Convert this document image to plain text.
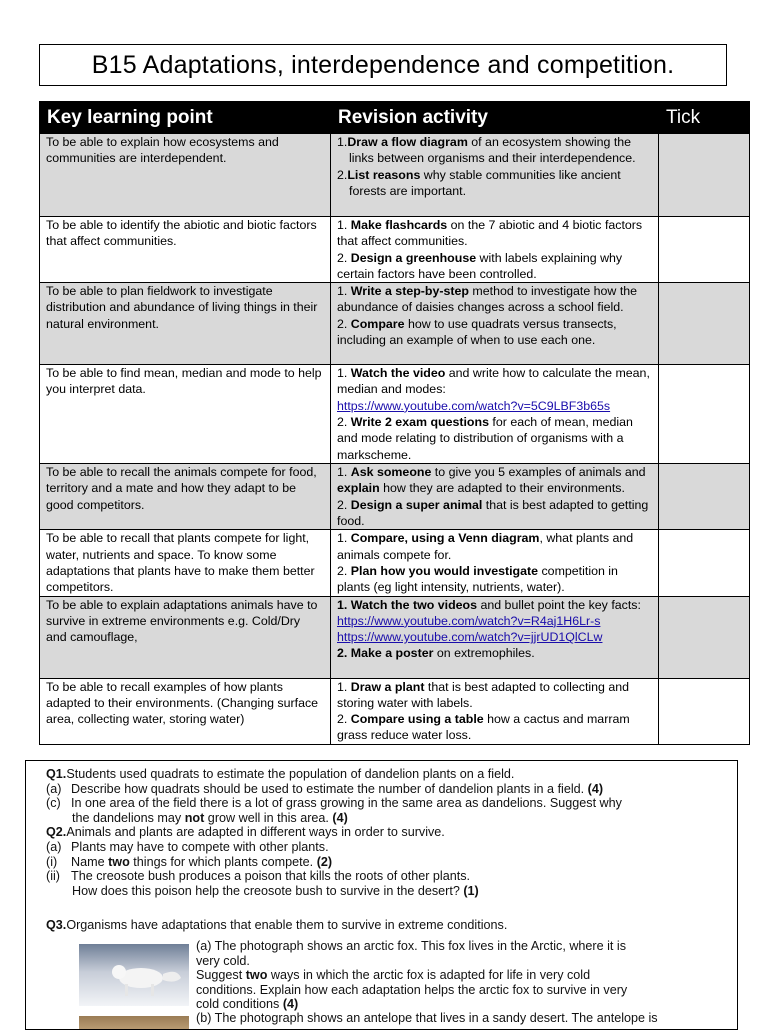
B15 Adaptations, interdependence and competition.
Key learning point	Revision activity	Tick
To be able to explain how ecosystems and communities are interdependent.	1.Draw a flow diagram of an ecosystem showing the links between organisms and their interdependence.
2.List reasons why stable communities like ancient forests are important.	

To be able to identify the abiotic and biotic factors that affect communities.	1. Make flashcards on the 7 abiotic and 4 biotic factors that affect communities.
2. Design a greenhouse with labels explaining why certain factors have been controlled.	

To be able to plan fieldwork to investigate distribution and abundance of living things in their natural environment.	1. Write a step-by-step method to investigate how the abundance of daisies changes across a school field.
2. Compare how to use quadrats versus transects, including an example of when to use each one.	

To be able to find mean, median and mode to help you interpret data.	1. Watch the video and write how to calculate the mean, median and modes:
https://www.youtube.com/watch?v=5C9LBF3b65s
2. Write 2 exam questions for each of mean, median and mode relating to distribution of organisms with a markscheme.	

To be able to recall the animals compete for food, territory and a mate and how they adapt to be good competitors.	1. Ask someone to give you 5 examples of animals and explain how they are adapted to their environments.
2. Design a super animal that is best adapted to getting food.	

To be able to recall that plants compete for light, water, nutrients and space. To know some adaptations that plants have to make them better competitors.	1. Compare, using a Venn diagram, what plants and animals compete for.
2. Plan how you would investigate competition in plants (eg light intensity, nutrients, water).	

To be able to explain adaptations animals have to survive in extreme environments e.g. Cold/Dry and camouflage,	1. Watch the two videos and bullet point the key facts:
https://www.youtube.com/watch?v=R4aj1H6Lr-s
https://www.youtube.com/watch?v=jjrUD1QlCLw
2. Make a poster on extremophiles.	

To be able to recall examples of how plants adapted to their environments. (Changing surface area, collecting water, storing water)	1. Draw a plant that is best adapted to collecting and storing water with labels.
2. Compare using a table how a cactus and marram grass reduce water loss.	

Q1.Students used quadrats to estimate the population of dandelion plants on a field.
(a) Describe how quadrats should be used to estimate the number of dandelion plants in a field. (4)
(c) In one area of the field there is a lot of grass growing in the same area as dandelions. Suggest why
the dandelions may not grow well in this area. (4)
Q2.Animals and plants are adapted in different ways in order to survive.
(a) Plants may have to compete with other plants.
(i) Name two things for which plants compete. (2)
(ii) The creosote bush produces a poison that kills the roots of other plants.
How does this poison help the creosote bush to survive in the desert? (1)
Q3.Organisms have adaptations that enable them to survive in extreme conditions.
(a) The photograph shows an arctic fox. This fox lives in the Arctic, where it is
very cold.
Suggest two ways in which the arctic fox is adapted for life in very cold
conditions. Explain how each adaptation helps the arctic fox to survive in very
cold conditions (4)
(b) The photograph shows an antelope that lives in a sandy desert. The antelope is
